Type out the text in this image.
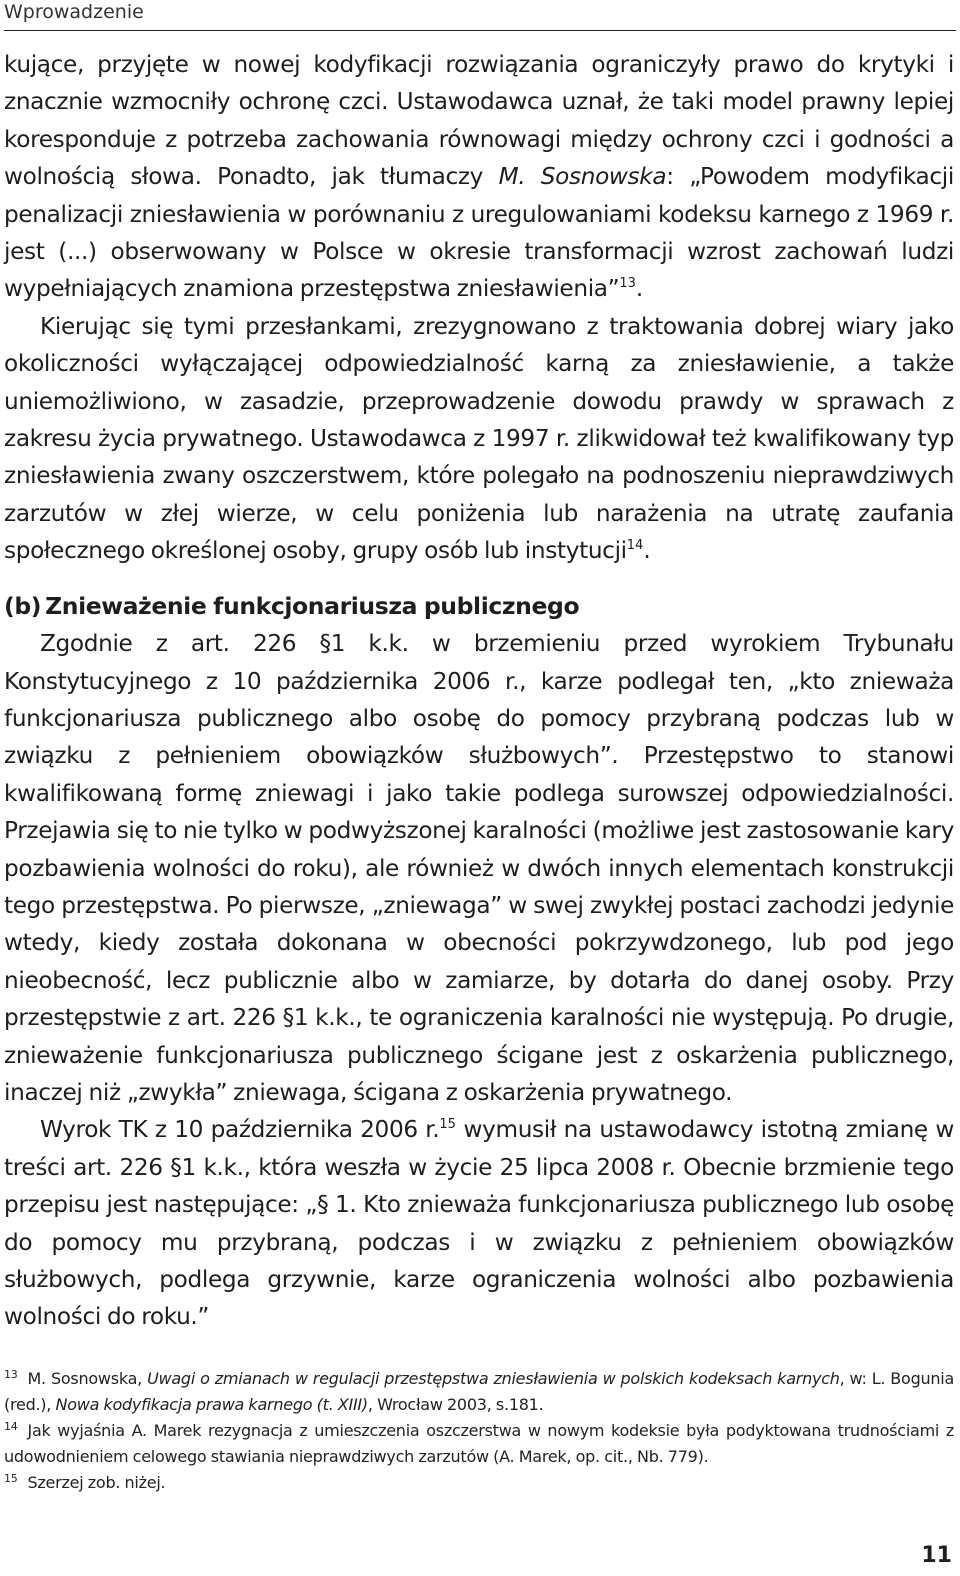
Wprowadzenie

kujące, przyjęte w nowej kodyfikacji rozwiązania ograniczyły prawo do krytyki i znacznie wzmocniły ochronę czci. Ustawodawca uznał, że taki model prawny lepiej koresponduje z potrzeba zachowania równowagi między ochrony czci i godności a wolnością słowa. Ponadto, jak tłumaczy M. Sosnowska: „Powodem modyfikacji penalizacji zniesławienia w porównaniu z uregulowaniami kodeksu karnego z 1969 r. jest (...) obserwowany w Polsce w okresie transformacji wzrost zachowań ludzi wypełniających znamiona przestępstwa zniesławienia”$^{13}$.

Kierując się tymi przesłankami, zrezygnowano z traktowania dobrej wiary jako okoliczności wyłączającej odpowiedzialność karną za zniesławienie, a także uniemożliwiono, w zasadzie, przeprowadzenie dowodu prawdy w sprawach z zakresu życia prywatnego. Ustawodawca z 1997 r. zlikwidował też kwalifikowany typ zniesławienia zwany oszczerstwem, które polegało na podnoszeniu nieprawdziwych zarzutów w złej wierze, w celu poniżenia lub narażenia na utratę zaufania społecznego określonej osoby, grupy osób lub instytucji$^{14}$.

(b) Znieważenie funkcjonariusza publicznego

Zgodnie z art. 226 §1 k.k. w brzemieniu przed wyrokiem Trybunału Konstytucyjnego z 10 października 2006 r., karze podlegał ten, „kto znieważa funkcjonariusza publicznego albo osobę do pomocy przybraną podczas lub w związku z pełnieniem obowiązków służbowych”. Przestępstwo to stanowi kwalifikowaną formę zniewagi i jako takie podlega surowszej odpowiedzialności. Przejawia się to nie tylko w podwyższonej karalności (możliwe jest zastosowanie kary pozbawienia wolności do roku), ale również w dwóch innych elementach konstrukcji tego przestępstwa. Po pierwsze, „zniewaga” w swej zwykłej postaci zachodzi jedynie wtedy, kiedy została dokonana w obecności pokrzywdzonego, lub pod jego nieobecność, lecz publicznie albo w zamiarze, by dotarła do danej osoby. Przy przestępstwie z art. 226 §1 k.k., te ograniczenia karalności nie występują. Po drugie, znieważenie funkcjonariusza publicznego ścigane jest z oskarżenia publicznego, inaczej niż „zwykła” zniewaga, ścigana z oskarżenia prywatnego.

Wyrok TK z 10 października 2006 r.$^{15}$ wymusił na ustawodawcy istotną zmianę w treści art. 226 §1 k.k., która weszła w życie 25 lipca 2008 r. Obecnie brzmienie tego przepisu jest następujące: „§ 1. Kto znieważa funkcjonariusza publicznego lub osobę do pomocy mu przybraną, podczas i w związku z pełnieniem obowiązków służbowych, podlega grzywnie, karze ograniczenia wolności albo pozbawienia wolności do roku.”

$^{13}$ M. Sosnowska, Uwagi o zmianach w regulacji przestępstwa zniesławienia w polskich kodeksach karnych, w: L. Bogunia (red.), Nowa kodyfikacja prawa karnego (t. XIII), Wrocław 2003, s.181.

$^{14}$ Jak wyjaśnia A. Marek rezygnacja z umieszczenia oszczerstwa w nowym kodeksie była podyktowana trudnościami z udowodnieniem celowego stawiania nieprawdziwych zarzutów (A. Marek, op. cit., Nb. 779).

$^{15}$ Szerzej zob. niżej.

11
